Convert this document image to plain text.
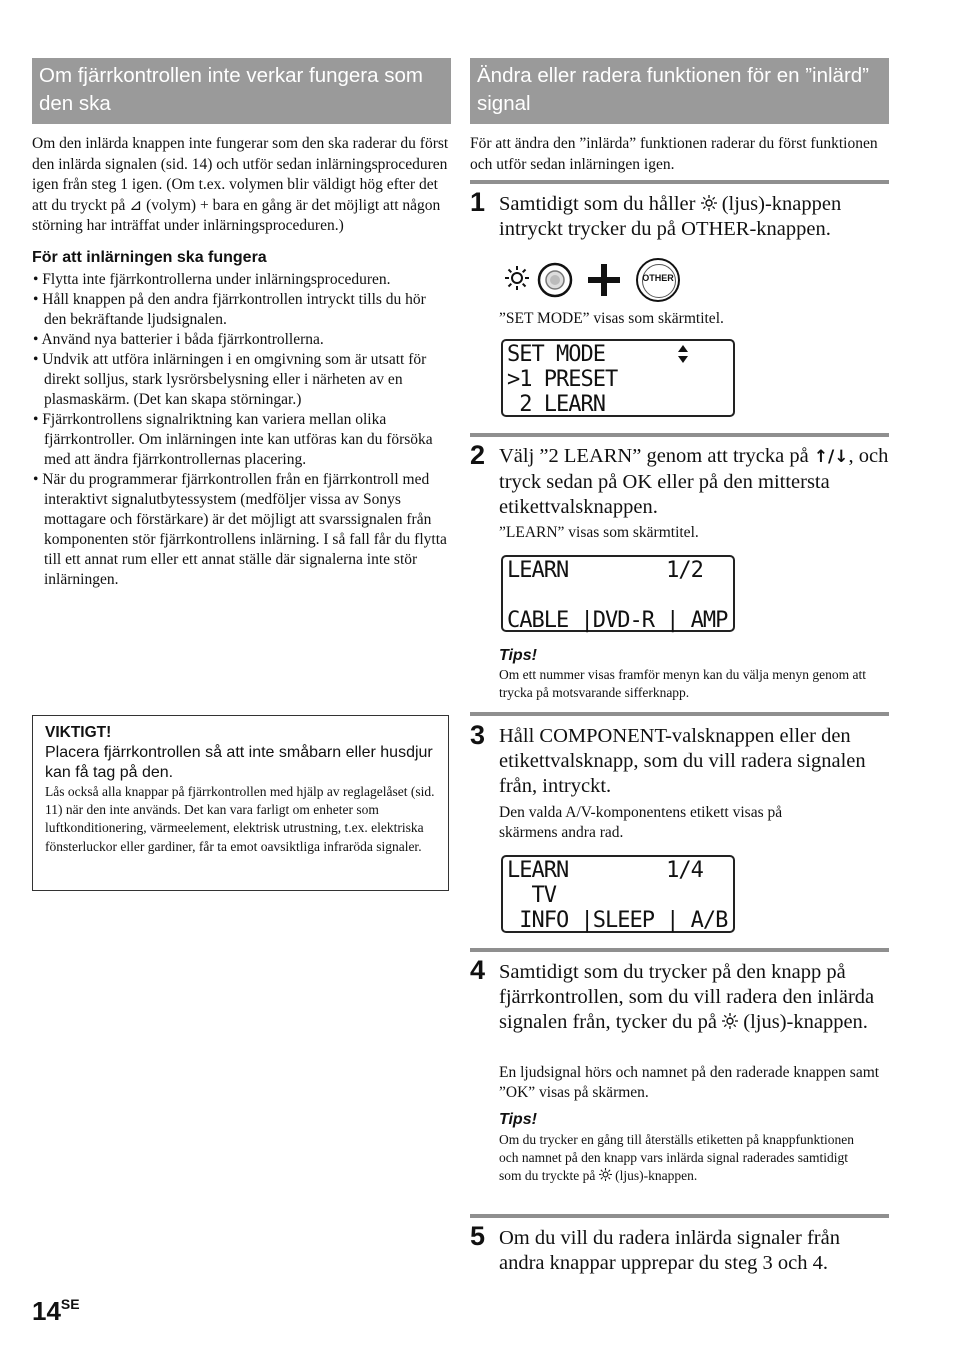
Om fjärrkontrollen inte verkar fungera som den ska
Om den inlärda knappen inte fungerar som den ska raderar du först den inlärda signalen (sid. 14) och utför sedan inlärningsproceduren igen från steg 1 igen. (Om t.ex. volymen blir väldigt hög efter det att du tryckt på ⊿ (volym) + bara en gång är det möjligt att någon störning har inträffat under inlärningsproceduren.)
För att inlärningen ska fungera
• Flytta inte fjärrkontrollerna under inlärningsproceduren.
• Håll knappen på den andra fjärrkontrollen intryckt tills du hör den bekräftande ljudsignalen.
• Använd nya batterier i båda fjärrkontrollerna.
• Undvik att utföra inlärningen i en omgivning som är utsatt för direkt solljus, stark lysrörsbelysning eller i närheten av en plasmaskärm. (Det kan skapa störningar.)
• Fjärrkontrollens signalriktning kan variera mellan olika fjärrkontroller. Om inlärningen inte kan utföras kan du försöka med att ändra fjärrkontrollernas placering.
• När du programmerar fjärrkontrollen från en fjärrkontroll med interaktivt signalutbytessystem (medföljer vissa av Sonys mottagare och förstärkare) är det möjligt att svarssignalen från komponenten stör fjärrkontrollens inlärning. I så fall får du flytta till ett annat rum eller ett annat ställe där signalerna inte stör inlärningen.
VIKTIGT!
Placera fjärrkontrollen så att inte småbarn eller husdjur kan få tag på den.
Lås också alla knappar på fjärrkontrollen med hjälp av reglagelåset (sid. 11) när den inte används. Det kan vara farligt om enheter som luftkonditionering, värmeelement, elektrisk utrustning, t.ex. elektriska fönsterluckor eller gardiner, får ta emot oavsiktliga infraröda signaler.
Ändra eller radera funktionen för en ”inlärd” signal
För att ändra den ”inlärda” funktionen raderar du först funktionen och utför sedan inlärningen igen.
1 Samtidigt som du håller (ljus)-knappen intryckt trycker du på OTHER-knappen.
OTHER
”SET MODE” visas som skärmtitel.
SET MODE
>1 PRESET
2 LEARN
2 Välj ”2 LEARN” genom att trycka på ↑/↓, och tryck sedan på OK eller på den mittersta etikettvalsknappen.
”LEARN” visas som skärmtitel.
LEARN        1/2
CABLE |DVD-R | AMP
Tips!
Om ett nummer visas framför menyn kan du välja menyn genom att trycka på motsvarande sifferknapp.
3 Håll COMPONENT-valsknappen eller den etikettvalsknapp, som du vill radera signalen från, intryckt.
Den valda A/V-komponentens etikett visas på skärmens andra rad.
LEARN        1/4
TV
INFO |SLEEP | A/B
4 Samtidigt som du trycker på den knapp på fjärrkontrollen, som du vill radera den inlärda signalen från, tycker du på (ljus)-knappen.
En ljudsignal hörs och namnet på den raderade knappen samt ”OK” visas på skärmen.
Tips!
Om du trycker en gång till återställs etiketten på knappfunktionen och namnet på den knapp vars inlärda signal raderades samtidigt som du tryckte på (ljus)-knappen.
5 Om du vill du radera inlärda signaler från andra knappar upprepar du steg 3 och 4.
$14^{SE}$
